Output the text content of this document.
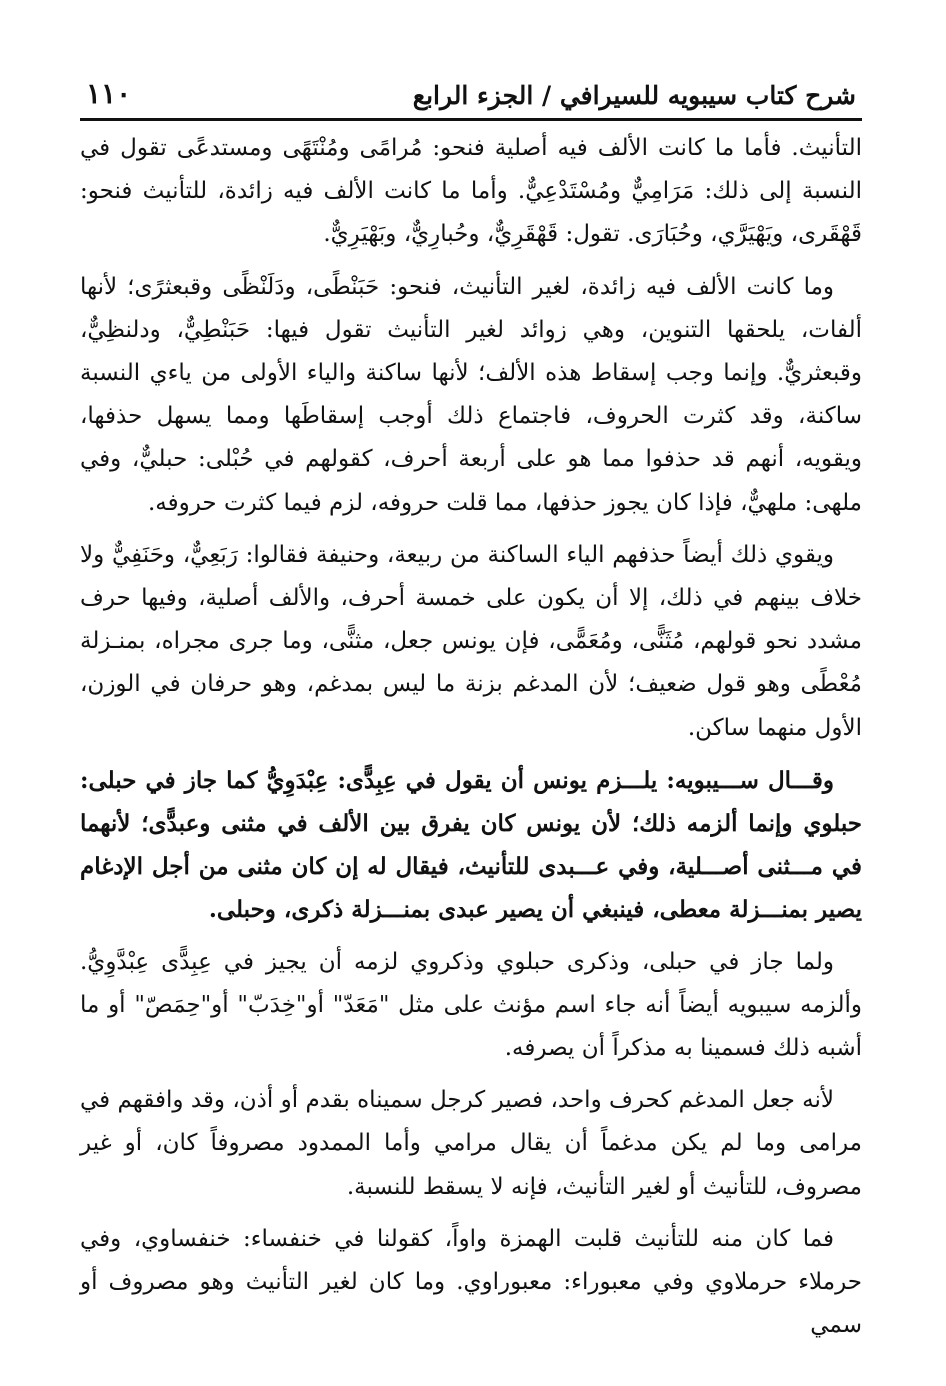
شرح كتاب سيبويه للسيرافي / الجزء الرابع
١١٠

التأنيث. فأما ما كانت الألف فيه أصلية فنحو: مُرامًى ومُنْتَهًى ومستدعًى تقول في النسبة إلى ذلك: مَرَامِيٌّ ومُسْتَدْعِيٌّ. وأما ما كانت الألف فيه زائدة، للتأنيث فنحو: قَهْقَرى، ويَهْيَرَّي، وحُبَارَى. تقول: قَهْقَرِيٌّ، وحُبارِيٌّ، وبَهْيَرِيٌّ.

وما كانت الألف فيه زائدة، لغير التأنيث، فنحو: حَبَنْطًى، ودَلَنْظًى وقبعثرًى؛ لأنها ألفات، يلحقها التنوين، وهي زوائد لغير التأنيث تقول فيها: حَبَنْطِيٌّ، ودلنظِيٌّ، وقبعثريٌّ. وإنما وجب إسقاط هذه الألف؛ لأنها ساكنة والياء الأولى من ياءي النسبة ساكنة، وقد كثرت الحروف، فاجتماع ذلك أوجب إسقاطَها ومما يسهل حذفها، ويقويه، أنهم قد حذفوا مما هو على أربعة أحرف، كقولهم في حُبْلى: حبليٌّ، وفي ملهى: ملهيٌّ، فإذا كان يجوز حذفها، مما قلت حروفه، لزم فيما كثرت حروفه.

ويقوي ذلك أيضاً حذفهم الياء الساكنة من ربيعة، وحنيفة فقالوا: رَبَعِيٌّ، وحَنَفِيٌّ ولا خلاف بينهم في ذلك، إلا أن يكون على خمسة أحرف، والألف أصلية، وفيها حرف مشدد نحو قولهم، مُثَنًّى، ومُعَمًّى، فإن يونس جعل، مثنًّى، وما جرى مجراه، بمنـزلة مُعْطًى وهو قول ضعيف؛ لأن المدغم بزنة ما ليس بمدغم، وهو حرفان في الوزن، الأول منهما ساكن.

وقـــال ســـيبويه: يلـــزم يونس أن يقول في عِبِدًّى: عِبْدَوِيُّ كما جاز في حبلى: حبلوي وإنما ألزمه ذلك؛ لأن يونس كان يفرق بين الألف في مثنى وعبدًّى؛ لأنهما في مـــثنى أصـــلية، وفي عـــبدى للتأنيث، فيقال له إن كان مثنى من أجل الإدغام يصير بمنـــزلة معطى، فينبغي أن يصير عبدى بمنـــزلة ذكرى، وحبلى.

ولما جاز في حبلى، وذكرى حبلوي وذكروي لزمه أن يجيز في عِبِدًّى عِبْدَّوِيُّ. وألزمه سيبويه أيضاً أنه جاء اسم مؤنث على مثل "مَعَدّ" أو"خِدَبّ" أو"حِمَصّ" أو ما أشبه ذلك فسمينا به مذكراً أن يصرفه.

لأنه جعل المدغم كحرف واحد، فصير كرجل سميناه بقدم أو أذن، وقد وافقهم في مرامى وما لم يكن مدغماً أن يقال مرامي وأما الممدود مصروفاً كان، أو غير مصروف، للتأنيث أو لغير التأنيث، فإنه لا يسقط للنسبة.

فما كان منه للتأنيث قلبت الهمزة واواً، كقولنا في خنفساء: خنفساوي، وفي حرملاء حرملاوي وفي معبوراء: معبوراوي. وما كان لغير التأنيث وهو مصروف أو سمي
